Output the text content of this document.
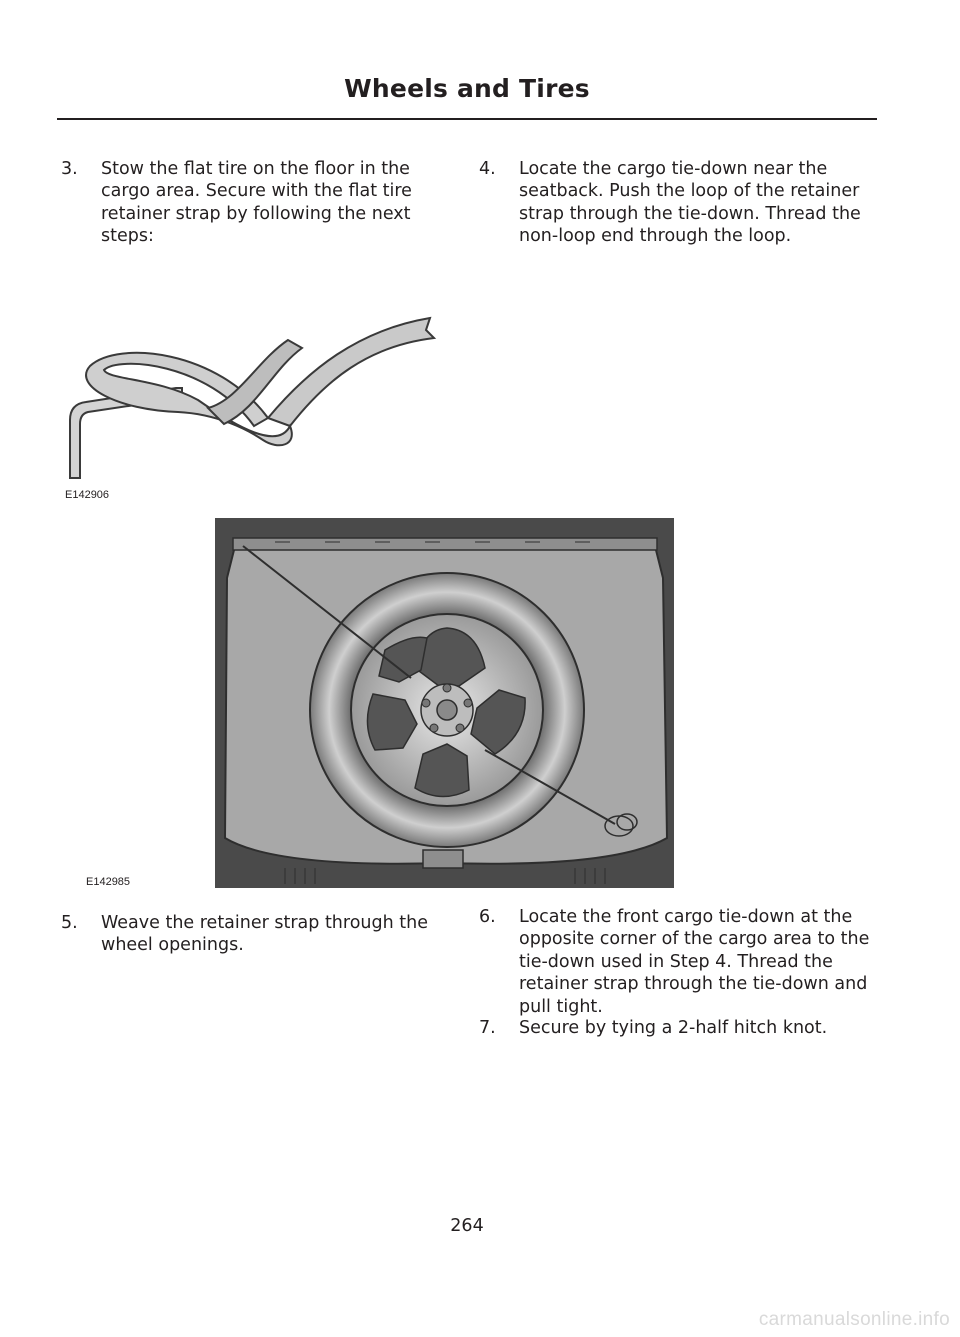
Wheels and Tires
3. Stow the flat tire on the floor in the cargo area. Secure with the flat tire retainer strap by following the next steps:
4. Locate the cargo tie-down near the seatback. Push the loop of the retainer strap through the tie-down. Thread the non-loop end through the loop.
E142906
E142985
5. Weave the retainer strap through the wheel openings.
6. Locate the front cargo tie-down at the opposite corner of the cargo area to the tie-down used in Step 4. Thread the retainer strap through the tie-down and pull tight.
7. Secure by tying a 2-half hitch knot.
264
carmanualsonline.info
